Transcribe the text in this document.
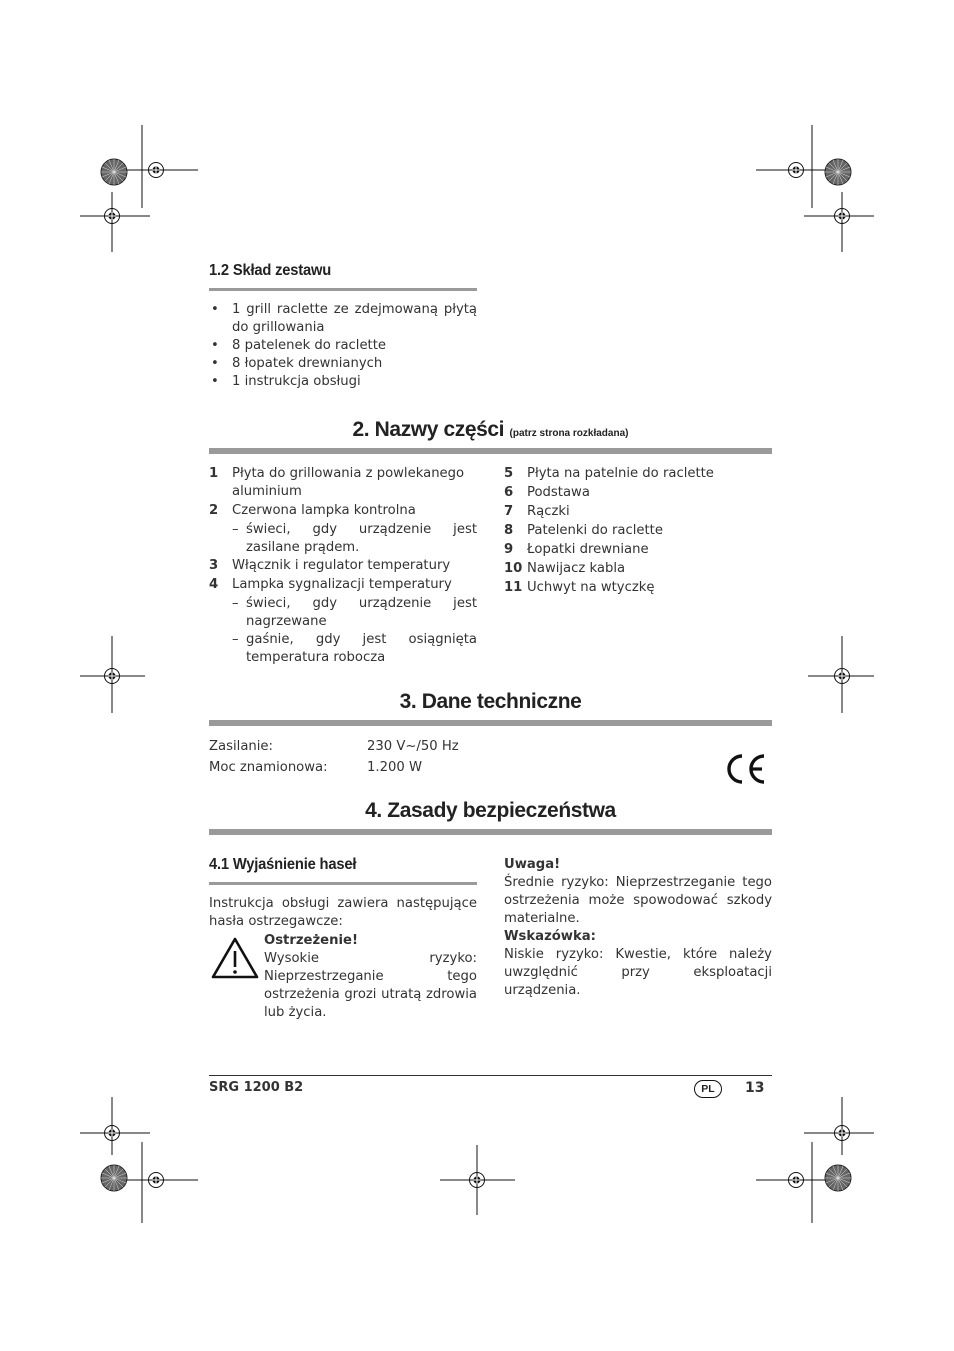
1.2 Skład zestawu
• 1 grill raclette ze zdejmowaną płytą do grillowania
• 8 patelenek do raclette
• 8 łopatek drewnianych
• 1 instrukcja obsługi
2. Nazwy części (patrz strona rozkładana)
1	Płyta do grillowania z powlekanego aluminium
2	Czerwona lampka kontrolna
– świeci, gdy urządzenie jest zasilane prądem.
3	Włącznik i regulator temperatury
4	Lampka sygnalizacji temperatury
– świeci, gdy urządzenie jest nagrzewane
– gaśnie, gdy jest osiągnięta temperatura robocza
5	Płyta na patelnie do raclette
6	Podstawa
7	Rączki
8	Patelenki do raclette
9	Łopatki drewniane
10 Nawijacz kabla
11 Uchwyt na wtyczkę
3. Dane techniczne
Zasilanie:	230 V~/50 Hz
Moc znamionowa:	1.200 W
4. Zasady bezpieczeństwa
4.1 Wyjaśnienie haseł
Instrukcja obsługi zawiera następujące hasła ostrzegawcze:
Ostrzeżenie!
Wysokie ryzyko: Nieprzestrzeganie tego ostrzeżenia grozi utratą zdrowia lub życia.
Uwaga!
Średnie ryzyko: Nieprzestrzeganie tego ostrzeżenia może spowodować szkody materialne.
Wskazówka:
Niskie ryzyko: Kwestie, które należy uwzględnić przy eksploatacji urządzenia.
SRG 1200 B2	PL 13
